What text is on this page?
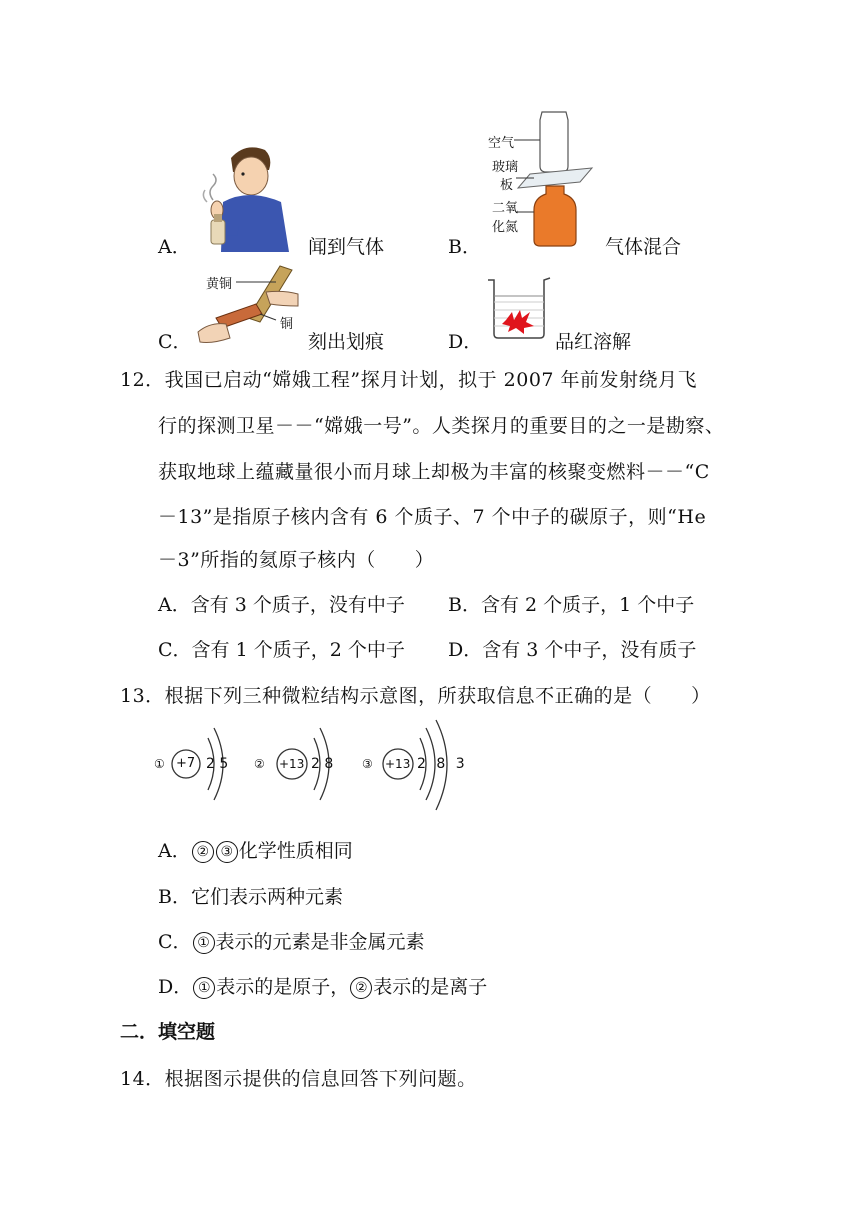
A．	闻到气体	B．
空气
玻璃
板
二氧
化氮
气体混合
C．
黄铜
铜
刻出划痕	D．	品红溶解
12．我国已启动“嫦娥工程”探月计划，拟于 2007 年前发射绕月飞
行的探测卫星－－“嫦娥一号”。人类探月的重要目的之一是勘察、
获取地球上蕴藏量很小而月球上却极为丰富的核聚变燃料－－“C
－13”是指原子核内含有 6 个质子、7 个中子的碳原子，则“He
－3”所指的氦原子核内（　　）
A．含有 3 个质子，没有中子 B．含有 2 个质子，1 个中子
C．含有 1 个质子，2 个中子 D．含有 3 个中子，没有质子
13．根据下列三种微粒结构示意图，所获取信息不正确的是（　　）
① +7 2 5 ② +13 2 8 ③ +13 2 8 3
A． ② ③ 化学性质相同
B．它们表示两种元素
C． ① 表示的元素是非金属元素
D． ① 表示的是原子， ② 表示的是离子
二．填空题
14．根据图示提供的信息回答下列问题。
